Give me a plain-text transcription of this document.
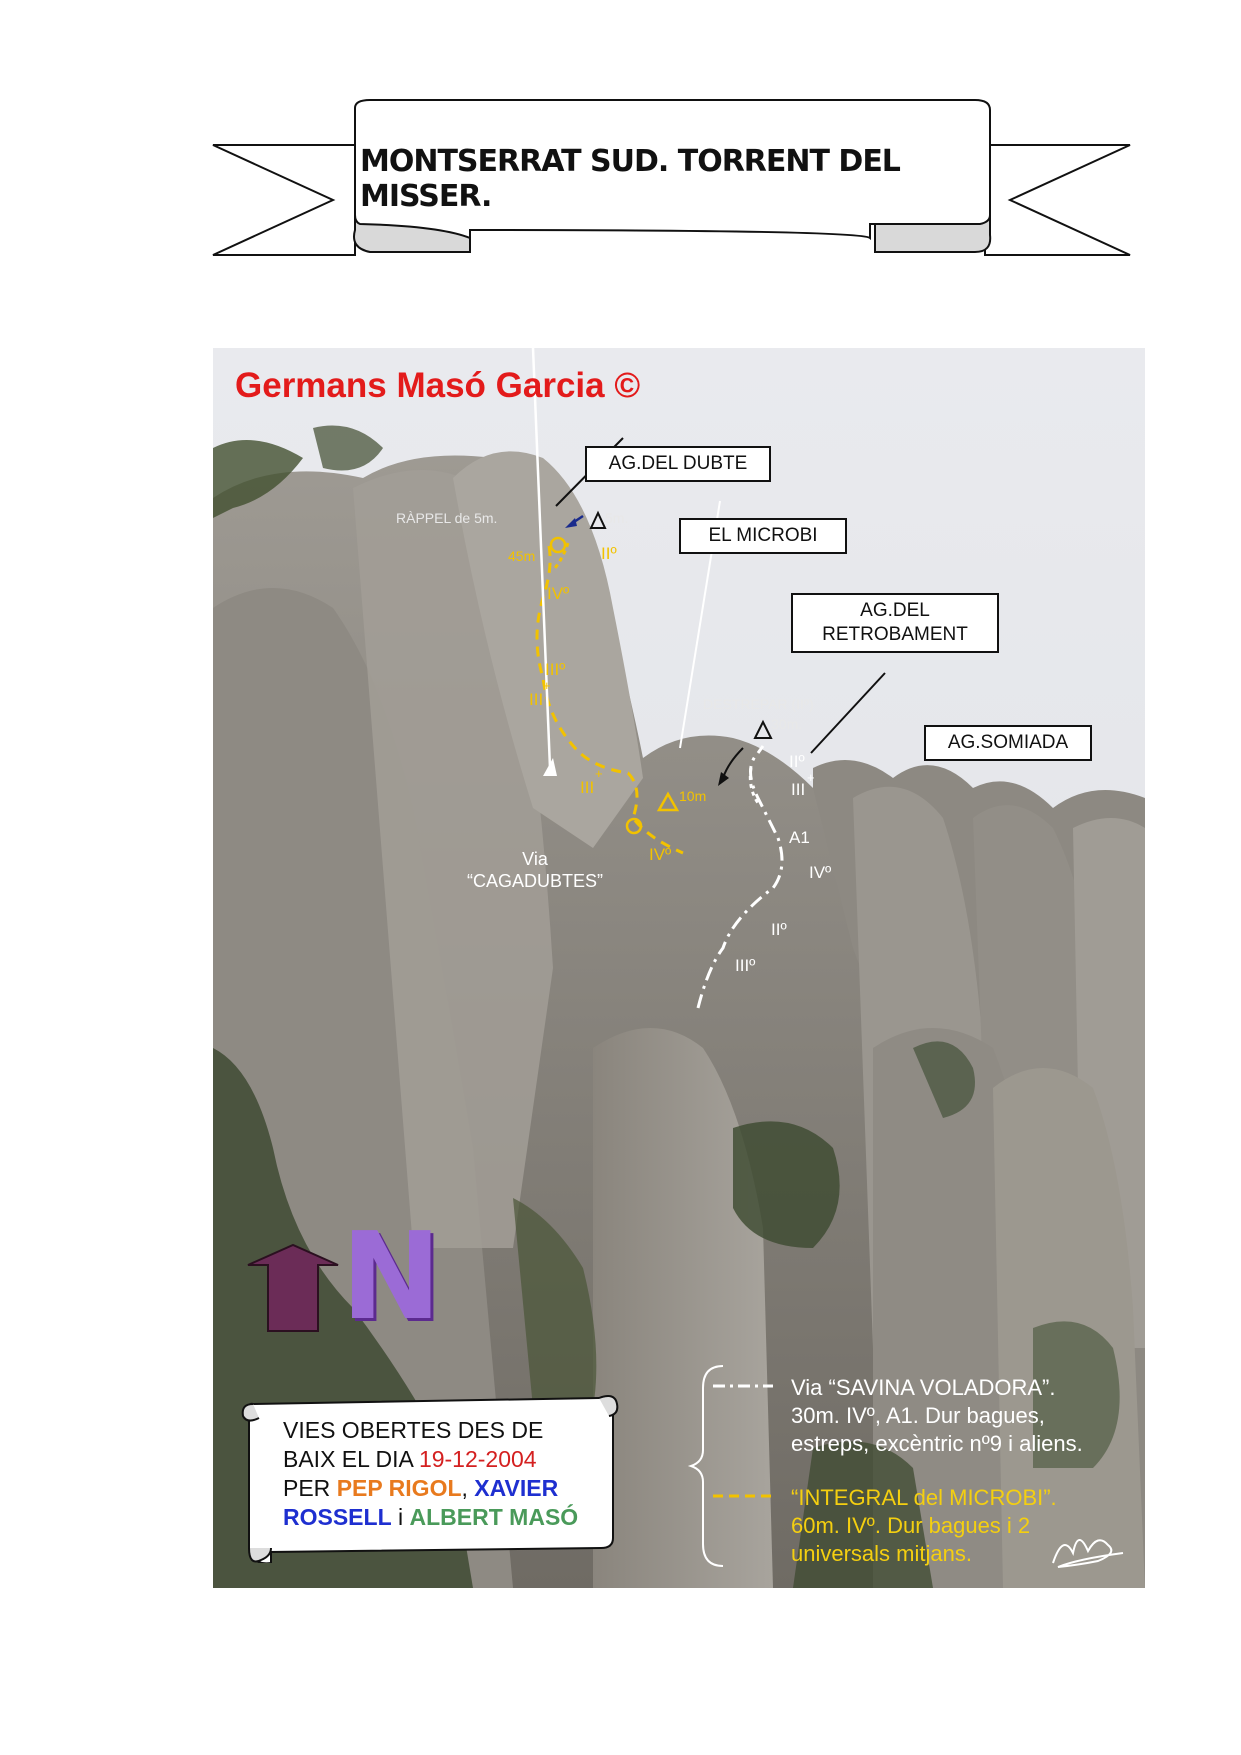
MONTSERRAT SUD. TORRENT DEL MISSER.
Germans Masó Garcia ©
AG.DEL DUBTE
EL MICROBI
AG.DEL RETROBAMENT
AG.SOMIADA
RÀPPEL de 5m.	5m.
45m	IIº
IVº
IIIº
III
+
III
+
10m
IVº
DESTREPAR (IIº)
30m.
IIº
III
+
A1
IVº
IIº
IIIº
Via
“CAGADUBTES”
N
VIES OBERTES DES DE
BAIX EL DIA 19-12-2004
PER PEP RIGOL, XAVIER
ROSSELL i ALBERT MASÓ
Via “SAVINA VOLADORA”.
30m. IVº, A1. Dur bagues,
estreps, excèntric nº9 i aliens.
“INTEGRAL del MICROBI”.
60m. IVº. Dur bagues i 2
universals mitjans.
